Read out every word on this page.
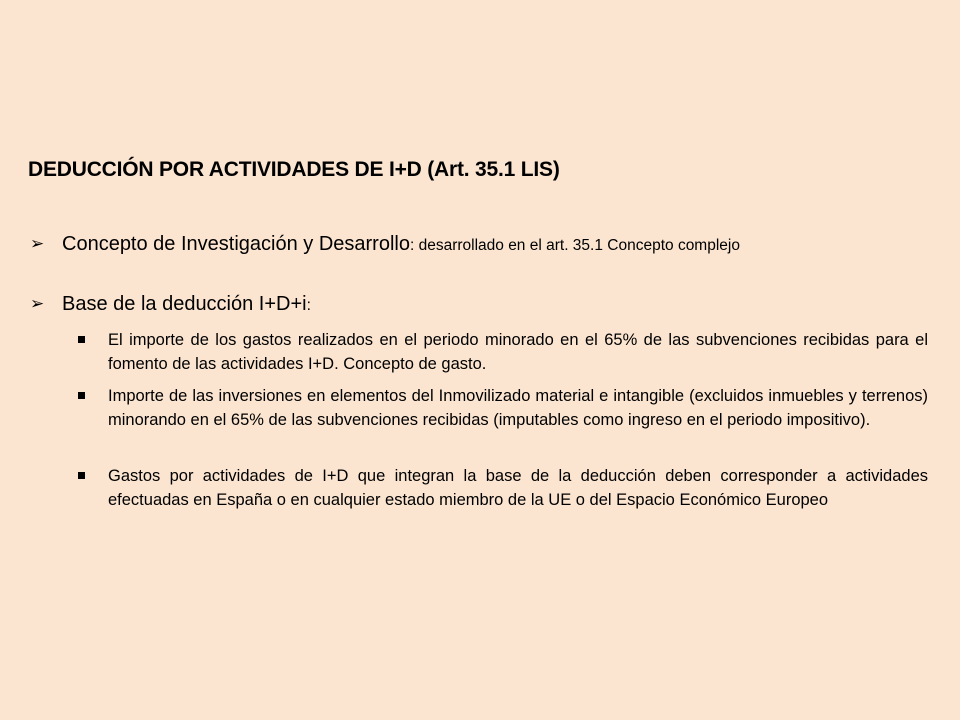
DEDUCCIÓN POR ACTIVIDADES DE I+D (Art. 35.1 LIS)
➢ Concepto de Investigación y Desarrollo: desarrollado en el art. 35.1 Concepto complejo
➢ Base de la deducción I+D+i:
El importe de los gastos realizados en el periodo minorado en el 65% de las subvenciones recibidas para el fomento de las actividades I+D. Concepto de gasto.
Importe de las inversiones en elementos del Inmovilizado material e intangible (excluidos inmuebles y terrenos) minorando en el 65% de las subvenciones recibidas (imputables como ingreso en el periodo impositivo).
Gastos por actividades de I+D que integran la base de la deducción deben corresponder a actividades efectuadas en España o en cualquier estado miembro de la UE o del Espacio Económico Europeo
